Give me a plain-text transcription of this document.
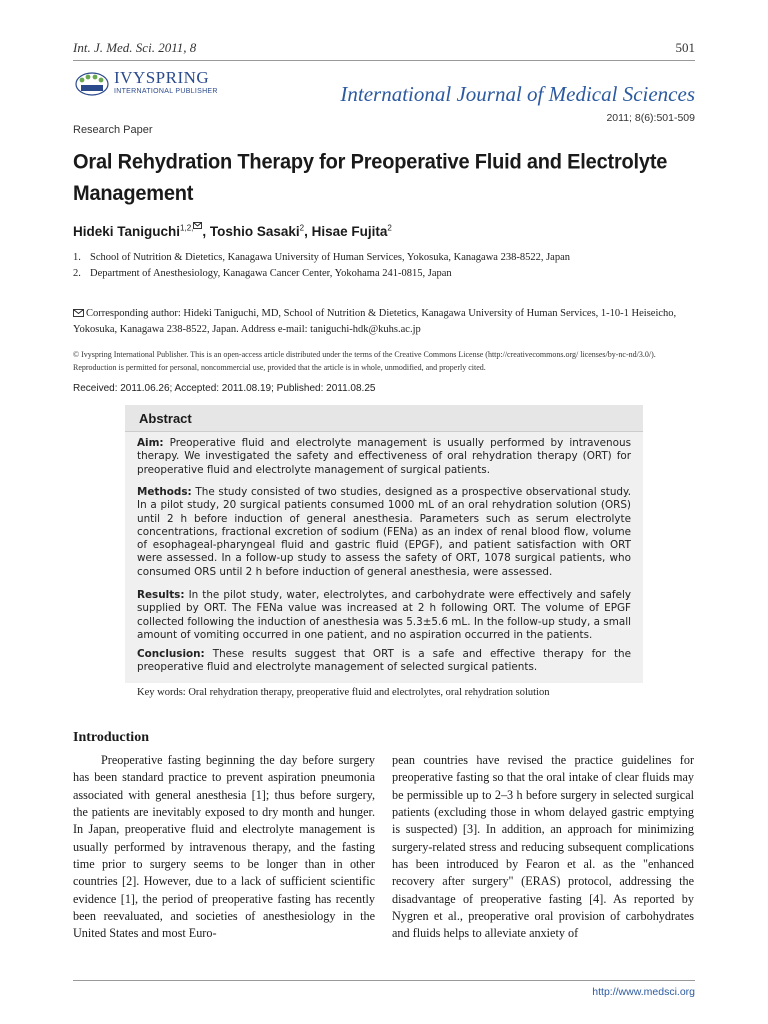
Int. J. Med. Sci. 2011, 8	501
IVYSPRING
INTERNATIONAL PUBLISHER	International Journal of Medical Sciences
2011; 8(6):501-509
Research Paper
Oral Rehydration Therapy for Preoperative Fluid and Electrolyte Management
Hideki Taniguchi$^{1,2,}$ , Toshio Sasaki$^2$, Hisae Fujita$^2$
1. School of Nutrition & Dietetics, Kanagawa University of Human Services, Yokosuka, Kanagawa 238-8522, Japan
2. Department of Anesthesiology, Kanagawa Cancer Center, Yokohama 241-0815, Japan
Corresponding author: Hideki Taniguchi, MD, School of Nutrition & Dietetics, Kanagawa University of Human Services, 1-10-1 Heiseicho, Yokosuka, Kanagawa 238-8522, Japan. Address e-mail: taniguchi-hdk@kuhs.ac.jp
© Ivyspring International Publisher. This is an open-access article distributed under the terms of the Creative Commons License (http://creativecommons.org/ licenses/by-nc-nd/3.0/). Reproduction is permitted for personal, noncommercial use, provided that the article is in whole, unmodified, and properly cited.
Received: 2011.06.26; Accepted: 2011.08.19; Published: 2011.08.25
Abstract
Aim: Preoperative fluid and electrolyte management is usually performed by intravenous therapy. We investigated the safety and effectiveness of oral rehydration therapy (ORT) for preoperative fluid and electrolyte management of surgical patients.
Methods: The study consisted of two studies, designed as a prospective observational study. In a pilot study, 20 surgical patients consumed 1000 mL of an oral rehydration solution (ORS) until 2 h before induction of general anesthesia. Parameters such as serum electrolyte concentrations, fractional excretion of sodium (FENa) as an index of renal blood flow, volume of esophageal-pharyngeal fluid and gastric fluid (EPGF), and patient satisfaction with ORT were assessed. In a follow-up study to assess the safety of ORT, 1078 surgical patients, who consumed ORS until 2 h before induction of general anesthesia, were assessed.
Results: In the pilot study, water, electrolytes, and carbohydrate were effectively and safely supplied by ORT. The FENa value was increased at 2 h following ORT. The volume of EPGF collected following the induction of anesthesia was 5.3±5.6 mL. In the follow-up study, a small amount of vomiting occurred in one patient, and no aspiration occurred in the patients.
Conclusion: These results suggest that ORT is a safe and effective therapy for the preoperative fluid and electrolyte management of selected surgical patients.
Key words: Oral rehydration therapy, preoperative fluid and electrolytes, oral rehydration solution
Introduction
Preoperative fasting beginning the day before surgery has been standard practice to prevent aspiration pneumonia associated with general anesthesia [1]; thus before surgery, the patients are inevitably exposed to dry month and hunger. In Japan, preoperative fluid and electrolyte management is usually performed by intravenous therapy, and the fasting time prior to surgery seems to be longer than in other countries [2]. However, due to a lack of sufficient scientific evidence [1], the period of preoperative fasting has recently been reevaluated, and societies of anesthesiology in the United States and most Euro-
pean countries have revised the practice guidelines for preoperative fasting so that the oral intake of clear fluids may be permissible up to 2–3 h before surgery in selected surgical patients (excluding those in whom delayed gastric emptying is suspected) [3]. In addition, an approach for minimizing surgery-related stress and reducing subsequent complications has been introduced by Fearon et al. as the "enhanced recovery after surgery" (ERAS) protocol, addressing the disadvantage of preoperative fasting [4]. As reported by Nygren et al., preoperative oral provision of carbohydrates and fluids helps to alleviate anxiety of
http://www.medsci.org
